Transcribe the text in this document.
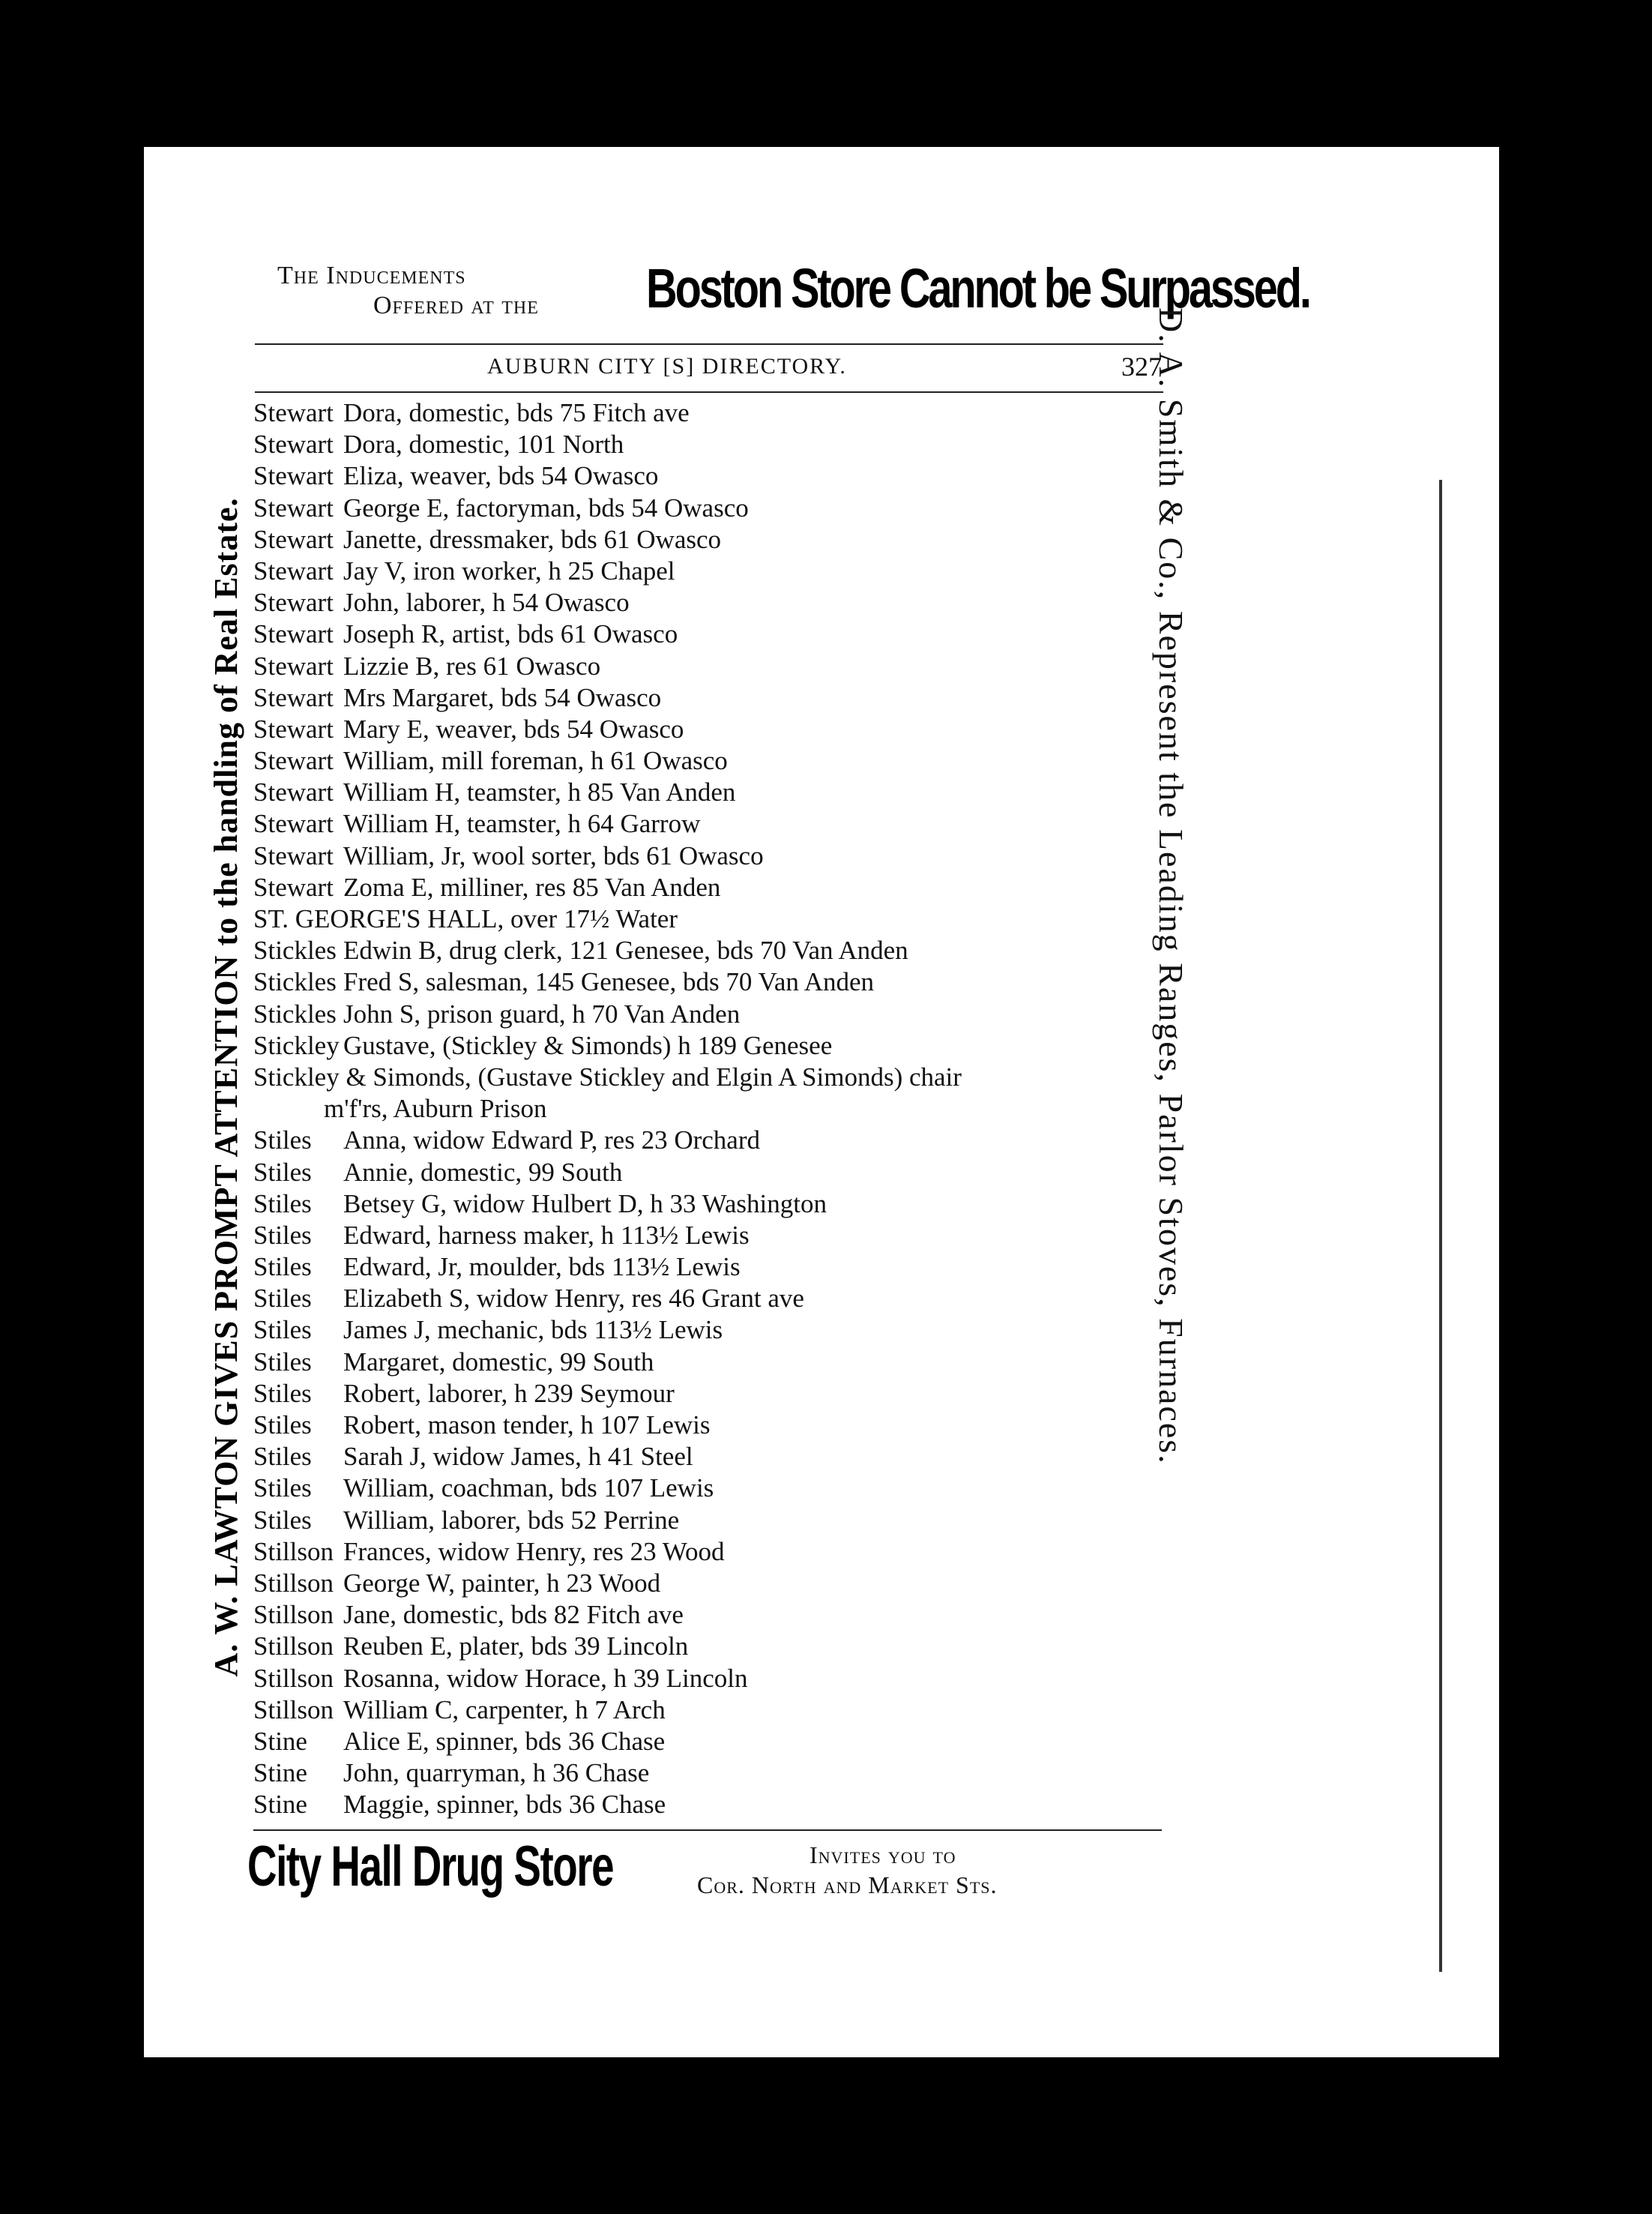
The Inducements
Offered at the Boston Store Cannot be Surpassed.
AUBURN CITY [S] DIRECTORY.	327
Stewart Dora, domestic, bds 75 Fitch ave
Stewart Dora, domestic, 101 North
Stewart Eliza, weaver, bds 54 Owasco
Stewart George E, factoryman, bds 54 Owasco
Stewart Janette, dressmaker, bds 61 Owasco
Stewart Jay V, iron worker, h 25 Chapel
Stewart John, laborer, h 54 Owasco
Stewart Joseph R, artist, bds 61 Owasco
Stewart Lizzie B, res 61 Owasco
Stewart Mrs Margaret, bds 54 Owasco
Stewart Mary E, weaver, bds 54 Owasco
Stewart William, mill foreman, h 61 Owasco
Stewart William H, teamster, h 85 Van Anden
Stewart William H, teamster, h 64 Garrow
Stewart William, Jr, wool sorter, bds 61 Owasco
Stewart Zoma E, milliner, res 85 Van Anden
ST. GEORGE'S HALL, over 17½ Water
Stickles Edwin B, drug clerk, 121 Genesee, bds 70 Van Anden
Stickles Fred S, salesman, 145 Genesee, bds 70 Van Anden
Stickles John S, prison guard, h 70 Van Anden
Stickley Gustave, (Stickley & Simonds) h 189 Genesee
Stickley & Simonds, (Gustave Stickley and Elgin A Simonds) chair
m'f'rs, Auburn Prison
Stiles Anna, widow Edward P, res 23 Orchard
Stiles Annie, domestic, 99 South
Stiles Betsey G, widow Hulbert D, h 33 Washington
Stiles Edward, harness maker, h 113½ Lewis
Stiles Edward, Jr, moulder, bds 113½ Lewis
Stiles Elizabeth S, widow Henry, res 46 Grant ave
Stiles James J, mechanic, bds 113½ Lewis
Stiles Margaret, domestic, 99 South
Stiles Robert, laborer, h 239 Seymour
Stiles Robert, mason tender, h 107 Lewis
Stiles Sarah J, widow James, h 41 Steel
Stiles William, coachman, bds 107 Lewis
Stiles William, laborer, bds 52 Perrine
Stillson Frances, widow Henry, res 23 Wood
Stillson George W, painter, h 23 Wood
Stillson Jane, domestic, bds 82 Fitch ave
Stillson Reuben E, plater, bds 39 Lincoln
Stillson Rosanna, widow Horace, h 39 Lincoln
Stillson William C, carpenter, h 7 Arch
Stine Alice E, spinner, bds 36 Chase
Stine John, quarryman, h 36 Chase
Stine Maggie, spinner, bds 36 Chase
City Hall Drug Store	Invites you to
Cor. North and Market Sts.
A. W. LAWTON GIVES PROMPT ATTENTION to the handling of Real Estate.	D. A. Smith & Co., Represent the Leading Ranges, Parlor Stoves, Furnaces.
